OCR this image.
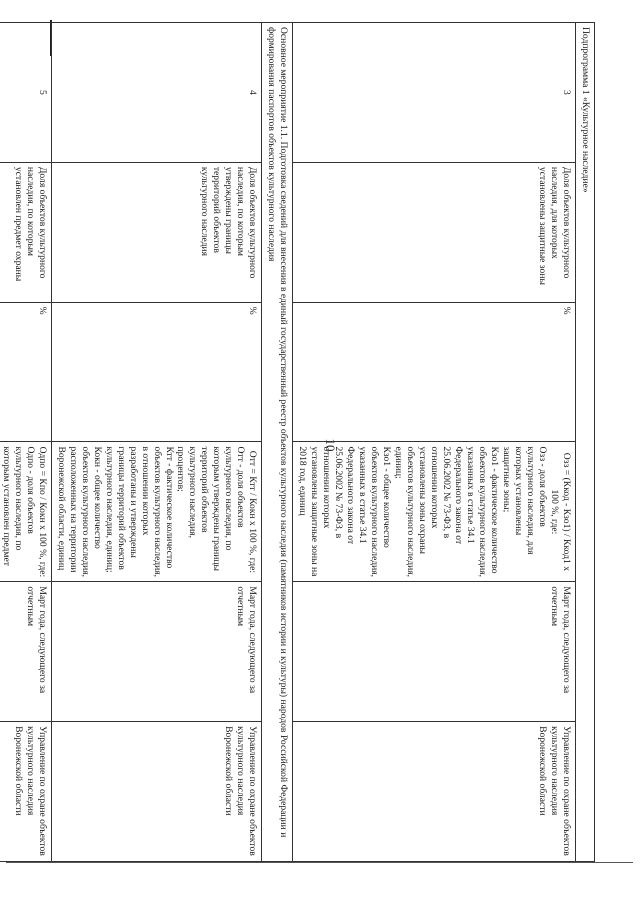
10
Подпрограмма 1 «Культурное наследие»					
3	Доля объектов культурного наследия, для которых установлены защитные зоны	%	Озз = (Ккод - Кзо1) / Ккод1 х 100 %, где:
Озз - доля объектов культурного наследия, для которых установлены защитные зоны;
Кзо1 - фактическое количество объектов культурного наследия, указанных в статье 34.1 Федерального закона от 25.06.2002 № 73-ФЗ, в отношении которых установлены зоны охраны объектов культурного наследия, единиц;
Кзо1 - общее количество объектов культурного наследия, указанных в статье 34.1 Федерального закона от 25.06.2002 № 73-ФЗ, в отношении которых установлены защитные зоны на 2018 год, единиц	Март года, следующего за отчетным	Управление по охране объектов культурного наследия Воронежской области
Основное мероприятие 1.1. Подготовка сведений для внесения в единый государственный реестр объектов культурного наследия (памятников истории и культуры) народов Российской Федерации и формирования паспортов объектов культурного наследия					
4	Доля объектов культурного наследия, по которым утверждены границы территорий объектов культурного наследия	%	Отт = Ктт / Кокн х 100 %, где:
Отт - доля объектов культурного наследия, по которым утверждены границы территорий объектов культурного наследия, процентов;
Ктт - фактическое количество объектов культурного наследия, в отношении которых разработаны и утверждены границы территорий объектов культурного наследия, единиц;
Кокн - общее количество объектов культурного наследия, расположенных на территории Воронежской области, единиц	Март года, следующего за отчетным	Управление по охране объектов культурного наследия Воронежской области
5	Доля объектов культурного наследия, по которым установлен предмет охраны	%	Одпо = Кпо / Кокн х 100 %, где:
Одпо - доля объектов культурного наследия, по которым установлен предмет	Март года, следующего за отчетным	Управление по охране объектов культурного наследия Воронежской области
